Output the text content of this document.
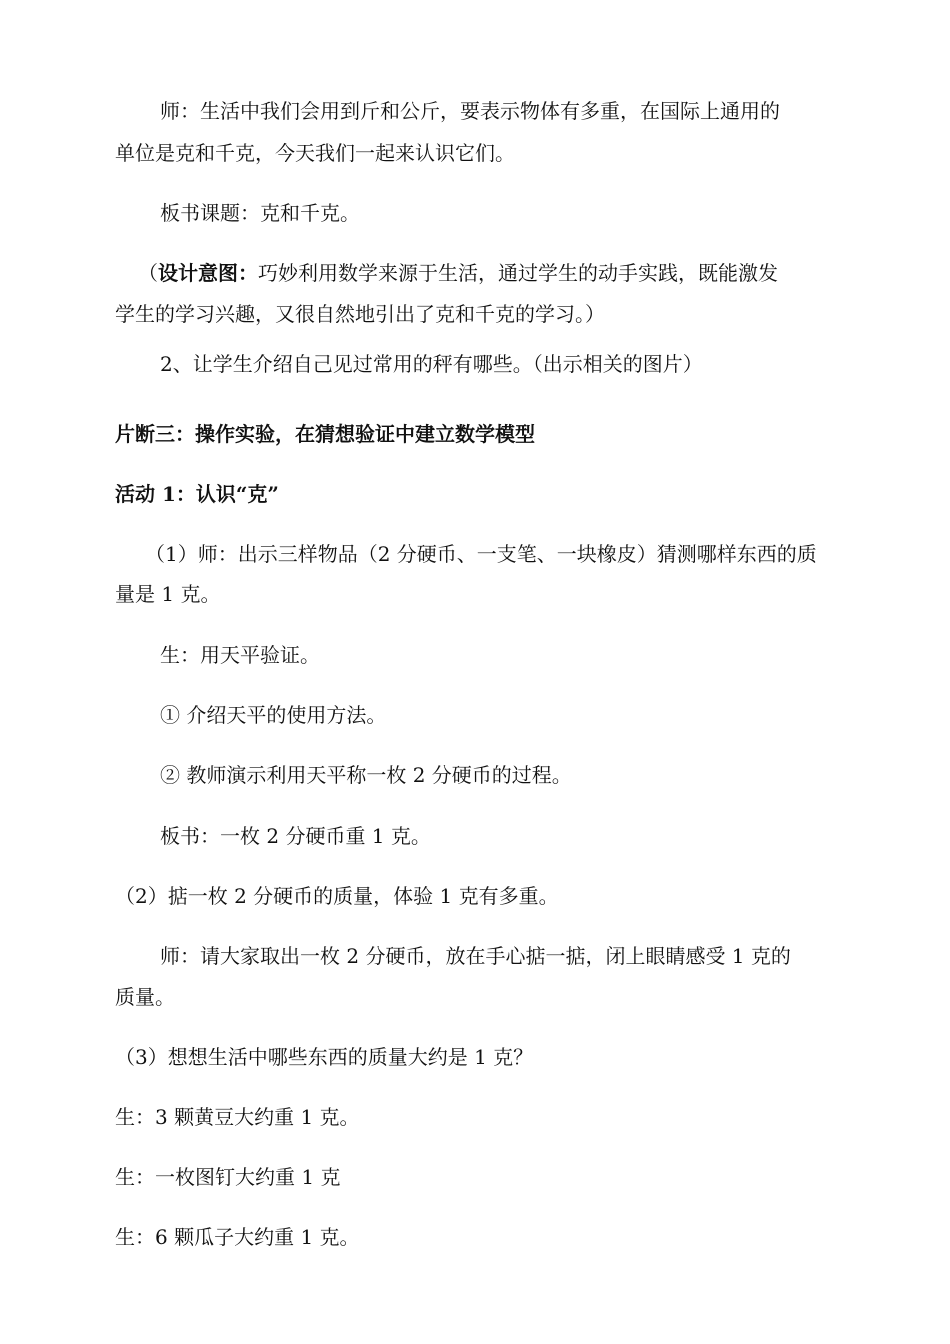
师：生活中我们会用到斤和公斤，要表示物体有多重，在国际上通用的
单位是克和千克，今天我们一起来认识它们。
板书课题：克和千克。
（设计意图：巧妙利用数学来源于生活，通过学生的动手实践，既能激发
学生的学习兴趣，又很自然地引出了克和千克的学习。）
2、让学生介绍自己见过常用的秤有哪些。（出示相关的图片）
片断三：操作实验，在猜想验证中建立数学模型
活动 1：认识“克”
（1）师：出示三样物品（2 分硬币、一支笔、一块橡皮）猜测哪样东西的质
量是 1 克。
生：用天平验证。
① 介绍天平的使用方法。
② 教师演示利用天平称一枚 2 分硬币的过程。
板书：一枚 2 分硬币重 1 克。
（2）掂一枚 2 分硬币的质量，体验 1 克有多重。
师：请大家取出一枚 2 分硬币，放在手心掂一掂，闭上眼睛感受 1 克的
质量。
（3）想想生活中哪些东西的质量大约是 1 克？
生：3 颗黄豆大约重 1 克。
生：一枚图钉大约重 1 克
生：6 颗瓜子大约重 1 克。
